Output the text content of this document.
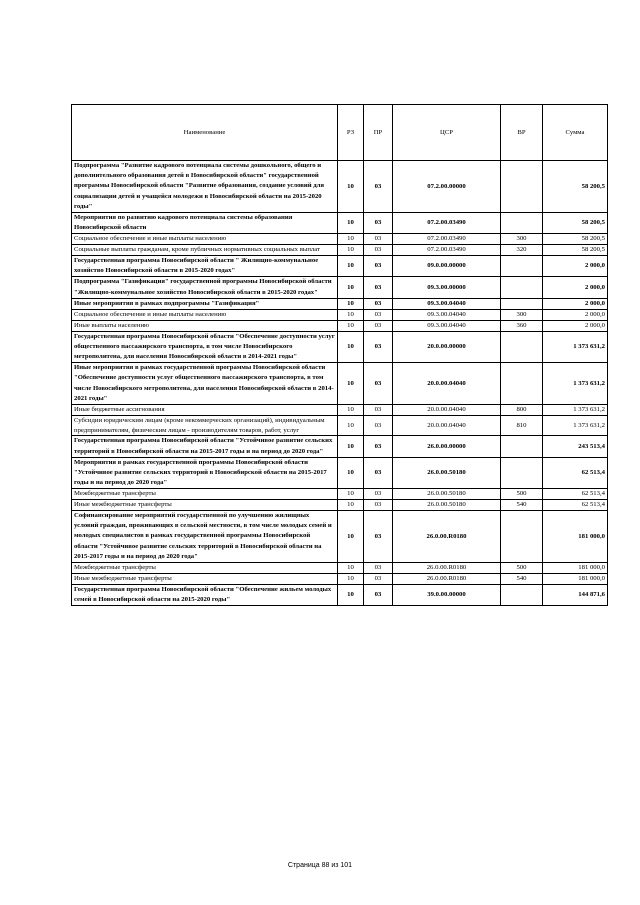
Наименование	РЗ	ПР	ЦСР	ВР	Сумма
Подпрограмма "Развитие кадрового потенциала системы дошкольного, общего и дополнительного образования детей в Новосибирской области" государственной программы Новосибирской области "Развитие образования, создание условий для социализации детей и учащейся молодежи в Новосибирской области на 2015-2020 годы"	10	03	07.2.00.00000		58 200,5
Мероприятия по развитию кадрового потенциала системы образования Новосибирской области	10	03	07.2.00.03490		58 200,5
Социальное обеспечение и иные выплаты населению	10	03	07.2.00.03490	300	58 200,5
Социальные выплаты гражданам, кроме публичных нормативных социальных выплат	10	03	07.2.00.03490	320	58 200,5
Государственная программа Новосибирской области " Жилищно-коммунальное хозяйство Новосибирской области в 2015-2020 годах"	10	03	09.0.00.00000		2 000,0
Подпрограмма "Газификация" государственной программы Новосибирской области "Жилищно-коммунальное хозяйство Новосибирской области в 2015-2020 годах"	10	03	09.3.00.00000		2 000,0
Иные мероприятия в рамках подпрограммы "Газификация"	10	03	09.3.00.04040		2 000,0
Социальное обеспечение и иные выплаты населению	10	03	09.3.00.04040	300	2 000,0
Иные выплаты населению	10	03	09.3.00.04040	360	2 000,0
Государственная программа Новосибирской области "Обеспечение доступности услуг общественного пассажирского транспорта, в том числе Новосибирского метрополитена, для населения Новосибирской области в 2014-2021 годы"	10	03	20.0.00.00000		1 373 631,2
Иные мероприятия в рамках государственной программы Новосибирской области "Обеспечение доступности услуг общественного пассажирского транспорта, в том числе Новосибирского метрополитена, для населения Новосибирской области в 2014-2021 годы"	10	03	20.0.00.04040		1 373 631,2
Иные бюджетные ассигнования	10	03	20.0.00.04040	800	1 373 631,2
Субсидии юридическим лицам (кроме некоммерческих организаций), индивидуальным предпринимателям, физическим лицам - производителям товаров, работ, услуг	10	03	20.0.00.04040	810	1 373 631,2
Государственная программа Новосибирской области "Устойчивое развитие сельских территорий в Новосибирской области на 2015-2017 годы и на период до 2020 года"	10	03	26.0.00.00000		243 513,4
Мероприятия в рамках государственной программы Новосибирской области "Устойчивое развитие сельских территорий в Новосибирской области на 2015-2017 годы и на период до 2020 года"	10	03	26.0.00.50180		62 513,4
Межбюджетные трансферты	10	03	26.0.00.50180	500	62 513,4
Иные межбюджетные трансферты	10	03	26.0.00.50180	540	62 513,4
Софинансирование мероприятий государственной по улучшению жилищных условий граждан, проживающих в сельской местности, в том числе молодых семей и молодых специалистов в рамках государственной программы Новосибирской области "Устойчивое развитие сельских территорий в Новосибирской области на 2015-2017 годы и на период до 2020 года"	10	03	26.0.00.R0180		181 000,0
Межбюджетные трансферты	10	03	26.0.00.R0180	500	181 000,0
Иные межбюджетные трансферты	10	03	26.0.00.R0180	540	181 000,0
Государственная программа Новосибирской области "Обеспечение жильем молодых семей в Новосибирской области на 2015-2020 годы"	10	03	39.0.00.00000		144 871,6
Страница 88 из 101
